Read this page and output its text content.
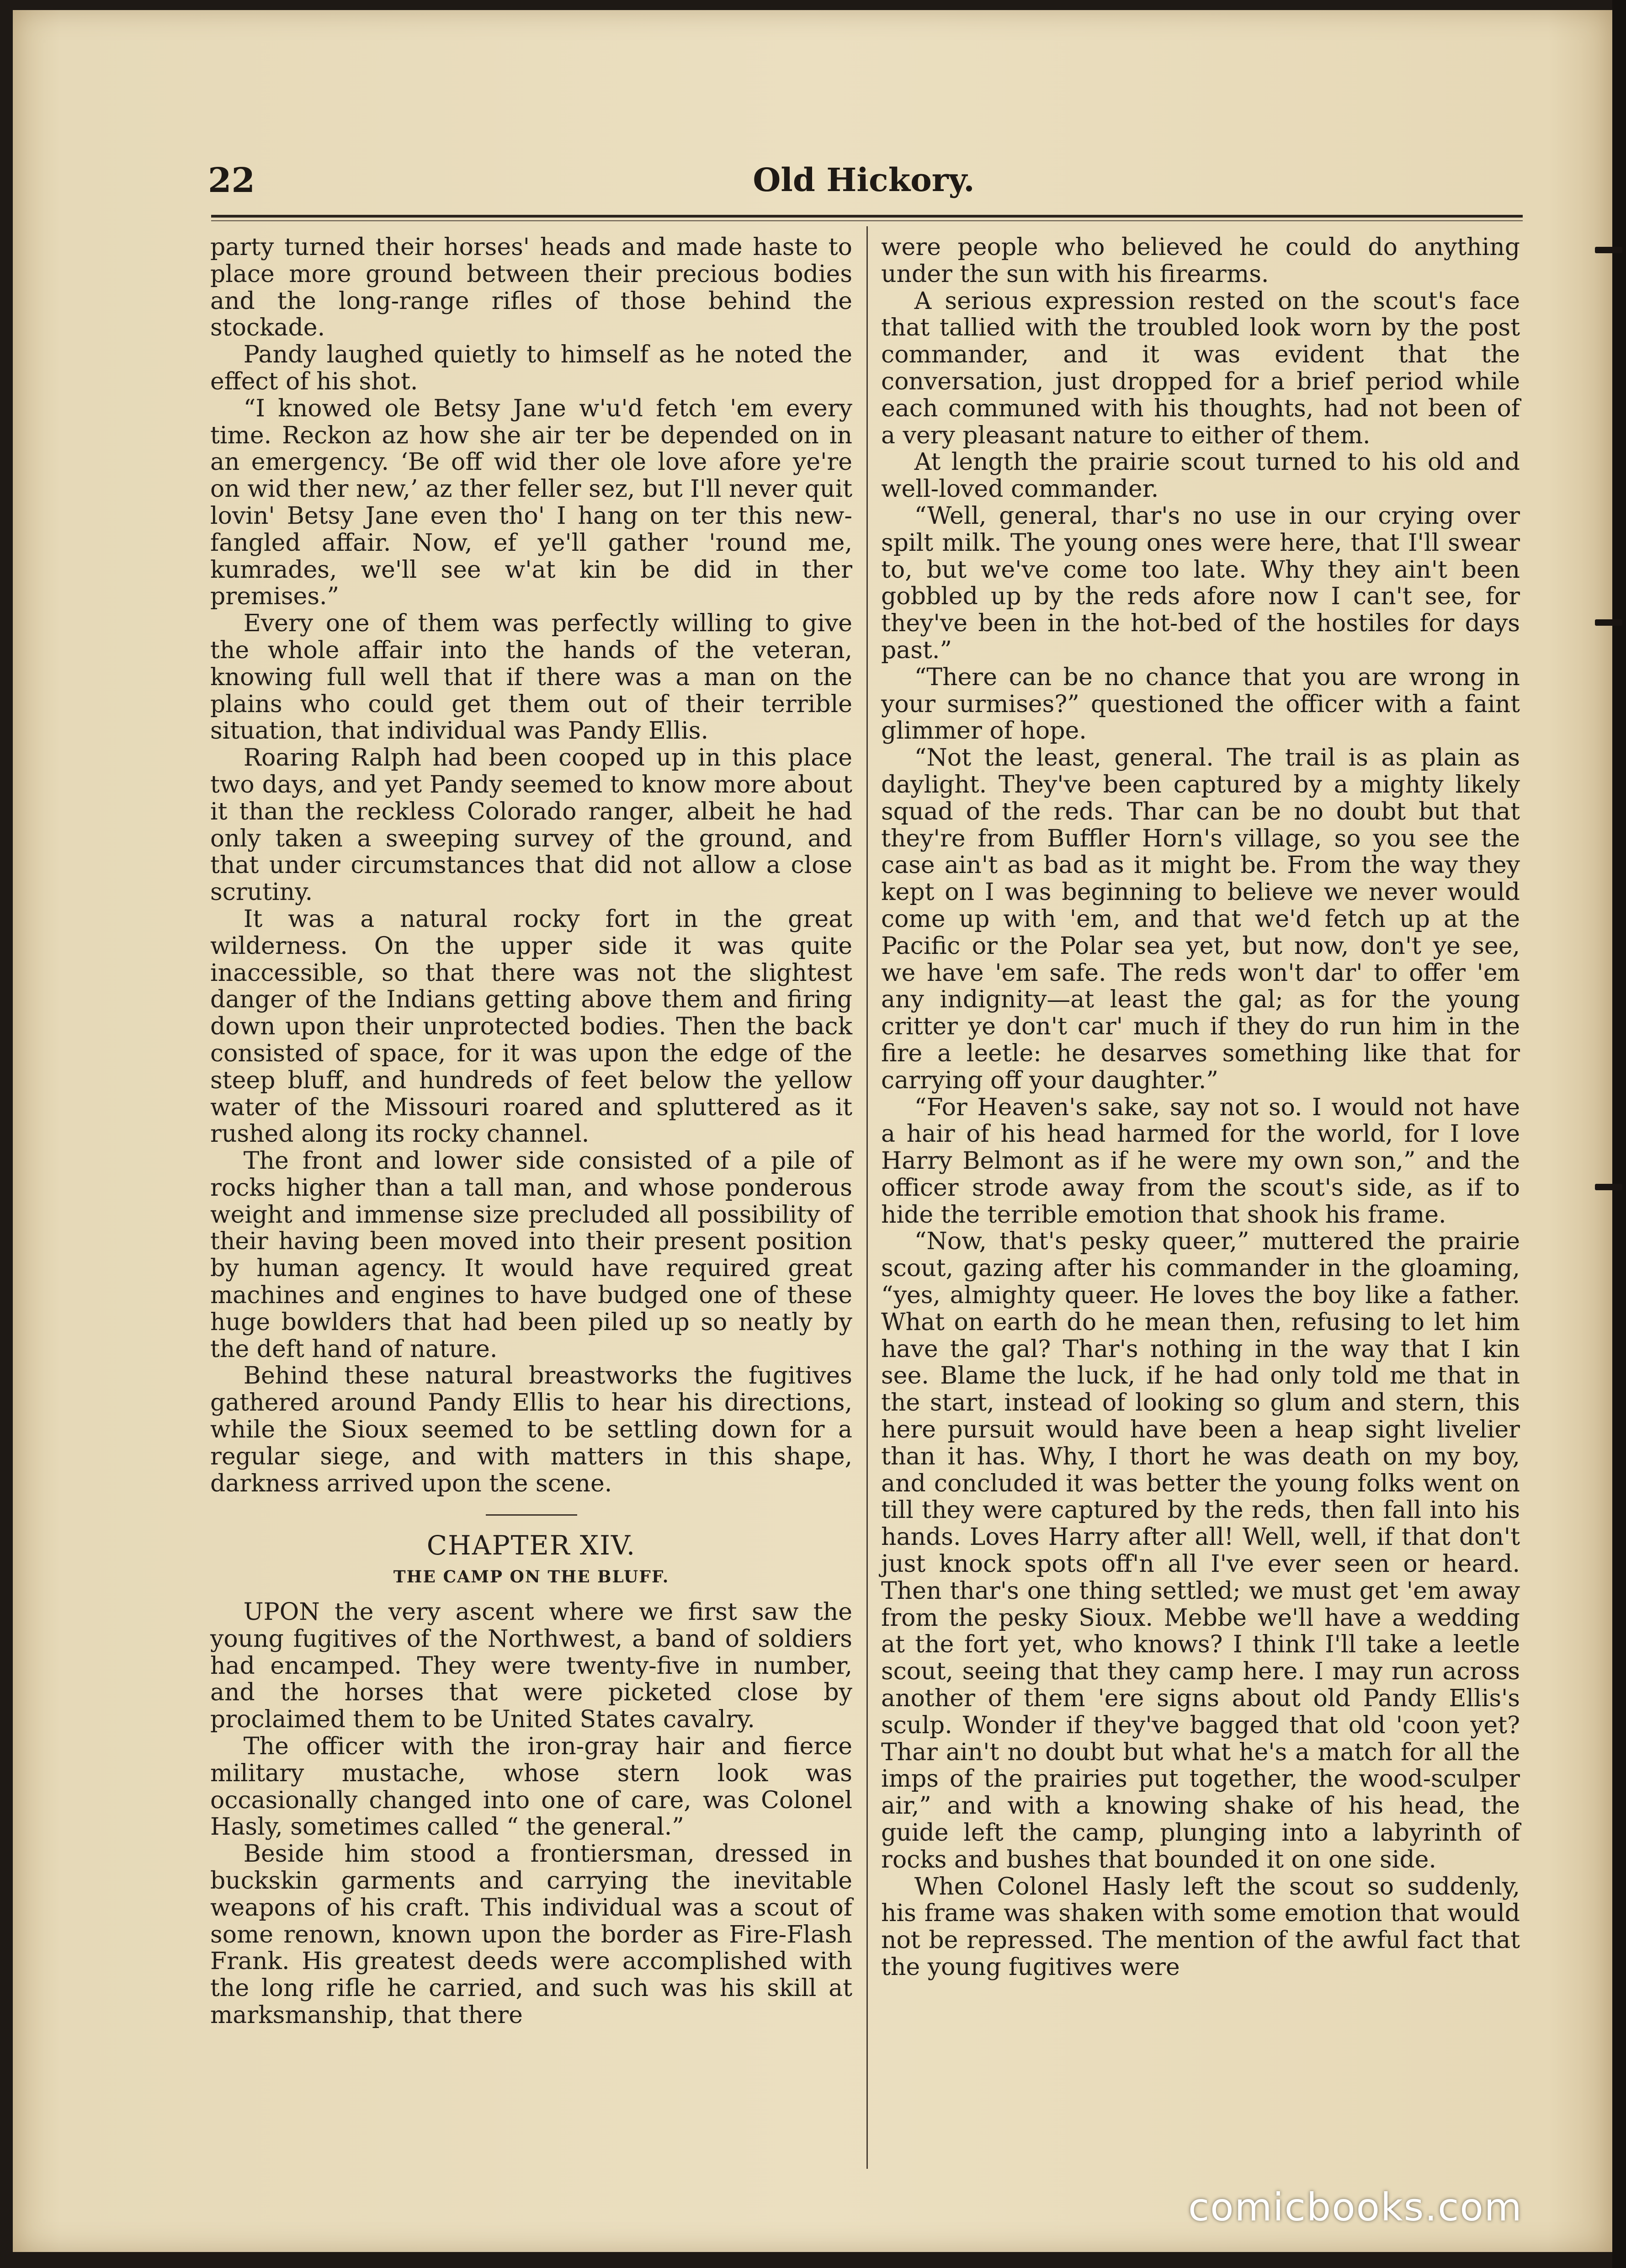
22	Old Hickory.

party turned their horses' heads and made haste to place more ground between their precious bodies and the long-range rifles of those behind the stockade.

Pandy laughed quietly to himself as he noted the effect of his shot.

“I knowed ole Betsy Jane w'u'd fetch 'em every time. Reckon az how she air ter be depended on in an emergency. ‘Be off wid ther ole love afore ye're on wid ther new,’ az ther feller sez, but I'll never quit lovin' Betsy Jane even tho' I hang on ter this new-fangled affair. Now, ef ye'll gather 'round me, kumrades, we'll see w'at kin be did in ther premises.”

Every one of them was perfectly willing to give the whole affair into the hands of the veteran, knowing full well that if there was a man on the plains who could get them out of their terrible situation, that individual was Pandy Ellis.

Roaring Ralph had been cooped up in this place two days, and yet Pandy seemed to know more about it than the reckless Colorado ranger, albeit he had only taken a sweeping survey of the ground, and that under circumstances that did not allow a close scrutiny.

It was a natural rocky fort in the great wilderness. On the upper side it was quite inaccessible, so that there was not the slightest danger of the Indians getting above them and firing down upon their unprotected bodies. Then the back consisted of space, for it was upon the edge of the steep bluff, and hundreds of feet below the yellow water of the Missouri roared and spluttered as it rushed along its rocky channel.

The front and lower side consisted of a pile of rocks higher than a tall man, and whose ponderous weight and immense size precluded all possibility of their having been moved into their present position by human agency. It would have required great machines and engines to have budged one of these huge bowlders that had been piled up so neatly by the deft hand of nature.

Behind these natural breastworks the fugitives gathered around Pandy Ellis to hear his directions, while the Sioux seemed to be settling down for a regular siege, and with matters in this shape, darkness arrived upon the scene.

CHAPTER XIV.
THE CAMP ON THE BLUFF.

UPON the very ascent where we first saw the young fugitives of the Northwest, a band of soldiers had encamped. They were twenty-five in number, and the horses that were picketed close by proclaimed them to be United States cavalry.

The officer with the iron-gray hair and fierce military mustache, whose stern look was occasionally changed into one of care, was Colonel Hasly, sometimes called “ the general.”

Beside him stood a frontiersman, dressed in buckskin garments and carrying the inevitable weapons of his craft. This individual was a scout of some renown, known upon the border as Fire-Flash Frank. His greatest deeds were accomplished with the long rifle he carried, and such was his skill at marksmanship, that there

were people who believed he could do anything under the sun with his firearms.

A serious expression rested on the scout's face that tallied with the troubled look worn by the post commander, and it was evident that the conversation, just dropped for a brief period while each communed with his thoughts, had not been of a very pleasant nature to either of them.

At length the prairie scout turned to his old and well-loved commander.

“Well, general, thar's no use in our crying over spilt milk. The young ones were here, that I'll swear to, but we've come too late. Why they ain't been gobbled up by the reds afore now I can't see, for they've been in the hot-bed of the hostiles for days past.”

“There can be no chance that you are wrong in your surmises?” questioned the officer with a faint glimmer of hope.

“Not the least, general. The trail is as plain as daylight. They've been captured by a mighty likely squad of the reds. Thar can be no doubt but that they're from Buffler Horn's village, so you see the case ain't as bad as it might be. From the way they kept on I was beginning to believe we never would come up with 'em, and that we'd fetch up at the Pacific or the Polar sea yet, but now, don't ye see, we have 'em safe. The reds won't dar' to offer 'em any indignity—at least the gal; as for the young critter ye don't car' much if they do run him in the fire a leetle: he desarves something like that for carrying off your daughter.”

“For Heaven's sake, say not so. I would not have a hair of his head harmed for the world, for I love Harry Belmont as if he were my own son,” and the officer strode away from the scout's side, as if to hide the terrible emotion that shook his frame.

“Now, that's pesky queer,” muttered the prairie scout, gazing after his commander in the gloaming, “yes, almighty queer. He loves the boy like a father. What on earth do he mean then, refusing to let him have the gal? Thar's nothing in the way that I kin see. Blame the luck, if he had only told me that in the start, instead of looking so glum and stern, this here pursuit would have been a heap sight livelier than it has. Why, I thort he was death on my boy, and concluded it was better the young folks went on till they were captured by the reds, then fall into his hands. Loves Harry after all! Well, well, if that don't just knock spots off'n all I've ever seen or heard. Then thar's one thing settled; we must get 'em away from the pesky Sioux. Mebbe we'll have a wedding at the fort yet, who knows? I think I'll take a leetle scout, seeing that they camp here. I may run across another of them 'ere signs about old Pandy Ellis's sculp. Wonder if they've bagged that old 'coon yet? Thar ain't no doubt but what he's a match for all the imps of the prairies put together, the wood-sculper air,” and with a knowing shake of his head, the guide left the camp, plunging into a labyrinth of rocks and bushes that bounded it on one side.

When Colonel Hasly left the scout so suddenly, his frame was shaken with some emotion that would not be repressed. The mention of the awful fact that the young fugitives were

comicbooks.com
